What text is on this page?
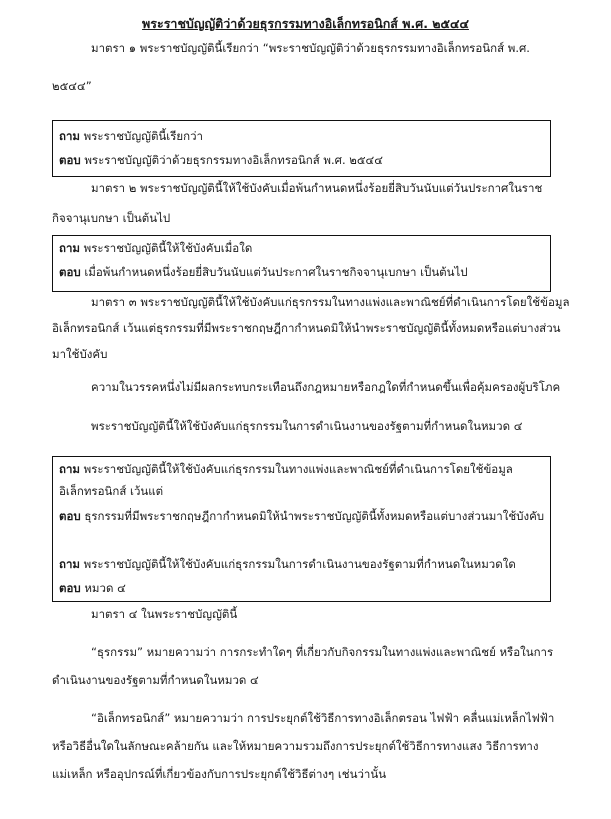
พระราชบัญญัติว่าด้วยธุรกรรมทางอิเล็กทรอนิกส์ พ.ศ. ๒๕๔๔
มาตรา ๑ พระราชบัญญัตินี้เรียกว่า “พระราชบัญญัติว่าด้วยธุรกรรมทางอิเล็กทรอนิกส์ พ.ศ.
๒๕๔๔”
ถาม พระราชบัญญัตินี้เรียกว่า
ตอบ พระราชบัญญัติว่าด้วยธุรกรรมทางอิเล็กทรอนิกส์ พ.ศ. ๒๕๔๔
มาตรา ๒ พระราชบัญญัตินี้ให้ใช้บังคับเมื่อพ้นกำหนดหนึ่งร้อยยี่สิบวันนับแต่วันประกาศในราช
กิจจานุเบกษา เป็นต้นไป
ถาม พระราชบัญญัตินี้ให้ใช้บังคับเมื่อใด
ตอบ เมื่อพ้นกำหนดหนึ่งร้อยยี่สิบวันนับแต่วันประกาศในราชกิจจานุเบกษา เป็นต้นไป
มาตรา ๓ พระราชบัญญัตินี้ให้ใช้บังคับแก่ธุรกรรมในทางแพ่งและพาณิชย์ที่ดำเนินการโดยใช้ข้อมูล
อิเล็กทรอนิกส์ เว้นแต่ธุรกรรมที่มีพระราชกฤษฎีกากำหนดมิให้นำพระราชบัญญัตินี้ทั้งหมดหรือแต่บางส่วน
มาใช้บังคับ
ความในวรรคหนึ่งไม่มีผลกระทบกระเทือนถึงกฎหมายหรือกฎใดที่กำหนดขึ้นเพื่อคุ้มครองผู้บริโภค
พระราชบัญญัตินี้ให้ใช้บังคับแก่ธุรกรรมในการดำเนินงานของรัฐตามที่กำหนดในหมวด ๔
ถาม พระราชบัญญัตินี้ให้ใช้บังคับแก่ธุรกรรมในทางแพ่งและพาณิชย์ที่ดำเนินการโดยใช้ข้อมูล
อิเล็กทรอนิกส์ เว้นแต่
ตอบ ธุรกรรมที่มีพระราชกฤษฎีกากำหนดมิให้นำพระราชบัญญัตินี้ทั้งหมดหรือแต่บางส่วนมาใช้บังคับ
ถาม พระราชบัญญัตินี้ให้ใช้บังคับแก่ธุรกรรมในการดำเนินงานของรัฐตามที่กำหนดในหมวดใด
ตอบ หมวด ๔
มาตรา ๔ ในพระราชบัญญัตินี้
“ธุรกรรม” หมายความว่า การกระทำใดๆ ที่เกี่ยวกับกิจกรรมในทางแพ่งและพาณิชย์ หรือในการ
ดำเนินงานของรัฐตามที่กำหนดในหมวด ๔
“อิเล็กทรอนิกส์” หมายความว่า การประยุกต์ใช้วิธีการทางอิเล็กตรอน ไฟฟ้า คลื่นแม่เหล็กไฟฟ้า
หรือวิธีอื่นใดในลักษณะคล้ายกัน และให้หมายความรวมถึงการประยุกต์ใช้วิธีการทางแสง วิธีการทาง
แม่เหล็ก หรืออุปกรณ์ที่เกี่ยวข้องกับการประยุกต์ใช้วิธีต่างๆ เช่นว่านั้น
